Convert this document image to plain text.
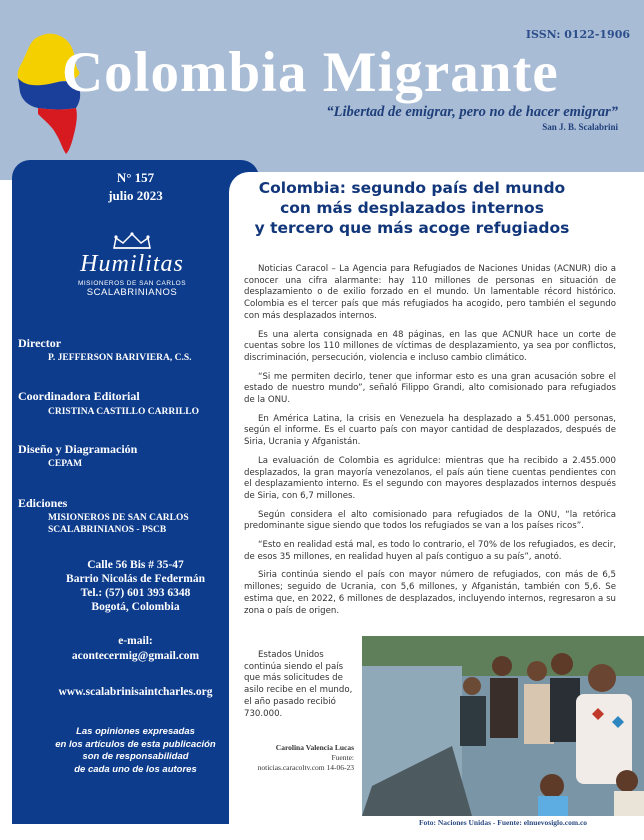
ISSN: 0122-1906
Colombia Migrante
“Libertad de emigrar, pero no de hacer emigrar”
San J. B. Scalabrini
N° 157
julio 2023
Humilitas
MISIONEROS DE SAN CARLOS
SCALABRINIANOS
Director
P. JEFFERSON BARIVIERA, C.S.
Coordinadora Editorial
CRISTINA CASTILLO CARRILLO
Diseño y Diagramación
CEPAM
Ediciones
MISIONEROS DE SAN CARLOS
SCALABRINIANOS - PSCB
Calle 56 Bis # 35-47
Barrio Nicolás de Federmán
Tel.: (57) 601 393 6348
Bogotá, Colombia
e-mail:
acontecermig@gmail.com
www.scalabrinisaintcharles.org
Las opiniones expresadas
en los artículos de esta publicación
son de responsabilidad
de cada uno de los autores
Colombia: segundo país del mundo
con más desplazados internos
y tercero que más acoge refugiados

Noticias Caracol – La Agencia para Refugiados de Naciones Unidas (ACNUR) dio a conocer una cifra alarmante: hay 110 millones de personas en situación de desplazamiento o de exilio forzado en el mundo. Un lamentable récord histórico. Colombia es el tercer país que más refugiados ha acogido, pero también el segundo con más desplazados internos.

Es una alerta consignada en 48 páginas, en las que ACNUR hace un corte de cuentas sobre los 110 millones de víctimas de desplazamiento, ya sea por conflictos, discriminación, persecución, violencia e incluso cambio climático.

“Si me permiten decirlo, tener que informar esto es una gran acusación sobre el estado de nuestro mundo”, señaló Filippo Grandi, alto comisionado para refugiados de la ONU.

En América Latina, la crisis en Venezuela ha desplazado a 5.451.000 personas, según el informe. Es el cuarto país con mayor cantidad de desplazados, después de Siria, Ucrania y Afganistán.

La evaluación de Colombia es agridulce: mientras que ha recibido a 2.455.000 desplazados, la gran mayoría venezolanos, el país aún tiene cuentas pendientes con el desplazamiento interno. Es el segundo con mayores desplazados internos después de Siria, con 6,7 millones.

Según considera el alto comisionado para refugiados de la ONU, “la retórica predominante sigue siendo que todos los refugiados se van a los países ricos”.

“Esto en realidad está mal, es todo lo contrario, el 70% de los refugiados, es decir, de esos 35 millones, en realidad huyen al país contiguo a su país”, anotó.

Siria continúa siendo el país con mayor número de refugiados, con más de 6,5 millones; seguido de Ucrania, con 5,6 millones, y Afganistán, también con 5,6. Se estima que, en 2022, 6 millones de desplazados, incluyendo internos, regresaron a su zona o país de origen.

Estados Unidos continúa siendo el país que más solicitudes de asilo recibe en el mundo, el año pasado recibió 730.000.
Carolina Valencia Lucas
Fuente:
noticias.caracoltv.com 14-06-23
Foto: Naciones Unidas - Fuente: elnuevosiglo.com.co
